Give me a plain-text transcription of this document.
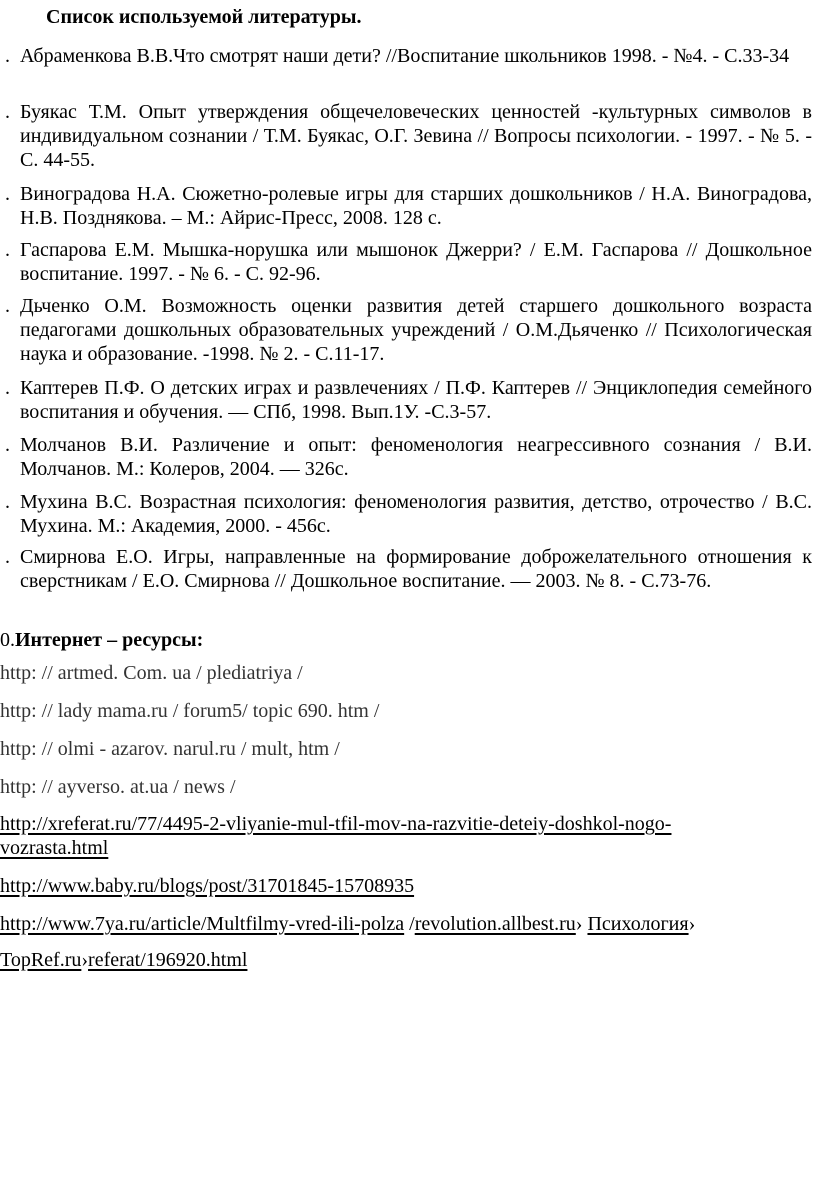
Список используемой литературы.
. Абраменкова В.В.Что смотрят наши дети? //Воспитание школьников 1998. - №4. - С.33-34
. Буякас Т.М. Опыт утверждения общечеловеческих ценностей -культурных символов в индивидуальном сознании / Т.М. Буякас, О.Г. Зевина // Вопросы психологии. - 1997. - № 5. - С. 44-55.
. Виноградова Н.А. Сюжетно-ролевые игры для старших дошкольников / Н.А. Виноградова, Н.В. Позднякова. – М.: Айрис-Пресс, 2008. 128 с.
. Гаспарова Е.М. Мышка-норушка или мышонок Джерри? / Е.М. Гаспарова // Дошкольное воспитание. 1997. - № 6. - С. 92-96.
. Дьченко О.М. Возможность оценки развития детей старшего дошкольного возраста педагогами дошкольных образовательных учреждений / О.М.Дьяченко // Психологическая наука и образование. -1998. № 2. - С.11-17.
. Каптерев П.Ф. О детских играх и развлечениях / П.Ф. Каптерев // Энциклопедия семейного воспитания и обучения. — СПб, 1998. Вып.1У. -С.3-57.
. Молчанов В.И. Различение и опыт: феноменология неагрессивного сознания / В.И. Молчанов. М.: Колеров, 2004. — 326с.
. Мухина В.С. Возрастная психология: феноменология развития, детство, отрочество / В.С. Мухина. М.: Академия, 2000. - 456с.
. Смирнова Е.О. Игры, направленные на формирование доброжелательного отношения к сверстникам / Е.О. Смирнова // Дошкольное воспитание. — 2003. № 8. - С.73-76.
0.Интернет – ресурсы:
http: // artmed. Com. ua / plediatriya /
http: // lady mama.ru / forum5/ topic 690. htm /
http: // olmi - azarov. narul.ru / mult, htm /
http: // ayverso. at.ua / news /
http://xreferat.ru/77/4495-2-vliyanie-mul-tfil-mov-na-razvitie-deteiy-doshkol-nogo-
vozrasta.html
http://www.baby.ru/blogs/post/31701845-15708935
http://www.7ya.ru/article/Multfilmy-vred-ili-polza /revolution.allbest.ru› Психология›
TopRef.ru›referat/196920.html
